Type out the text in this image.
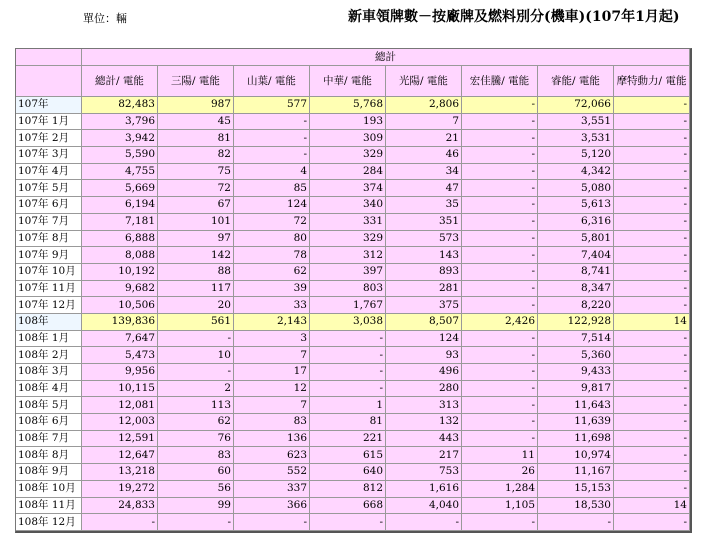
單位：輛	新車領牌數－按廠牌及燃料別分(機車)(107年1月起)
	總計							
	總計/ 電能	三陽/ 電能	山葉/ 電能	中華/ 電能	光陽/ 電能	宏佳騰/ 電能	睿能/ 電能	摩特動力/ 電能
107年	82,483	987	577	5,768	2,806	-	72,066	-
107年 1月	3,796	45	-	193	7	-	3,551	-
107年 2月	3,942	81	-	309	21	-	3,531	-
107年 3月	5,590	82	-	329	46	-	5,120	-
107年 4月	4,755	75	4	284	34	-	4,342	-
107年 5月	5,669	72	85	374	47	-	5,080	-
107年 6月	6,194	67	124	340	35	-	5,613	-
107年 7月	7,181	101	72	331	351	-	6,316	-
107年 8月	6,888	97	80	329	573	-	5,801	-
107年 9月	8,088	142	78	312	143	-	7,404	-
107年 10月	10,192	88	62	397	893	-	8,741	-
107年 11月	9,682	117	39	803	281	-	8,347	-
107年 12月	10,506	20	33	1,767	375	-	8,220	-
108年	139,836	561	2,143	3,038	8,507	2,426	122,928	14
108年 1月	7,647	-	3	-	124	-	7,514	-
108年 2月	5,473	10	7	-	93	-	5,360	-
108年 3月	9,956	-	17	-	496	-	9,433	-
108年 4月	10,115	2	12	-	280	-	9,817	-
108年 5月	12,081	113	7	1	313	-	11,643	-
108年 6月	12,003	62	83	81	132	-	11,639	-
108年 7月	12,591	76	136	221	443	-	11,698	-
108年 8月	12,647	83	623	615	217	11	10,974	-
108年 9月	13,218	60	552	640	753	26	11,167	-
108年 10月	19,272	56	337	812	1,616	1,284	15,153	-
108年 11月	24,833	99	366	668	4,040	1,105	18,530	14
108年 12月	-	-	-	-	-	-	-	-
